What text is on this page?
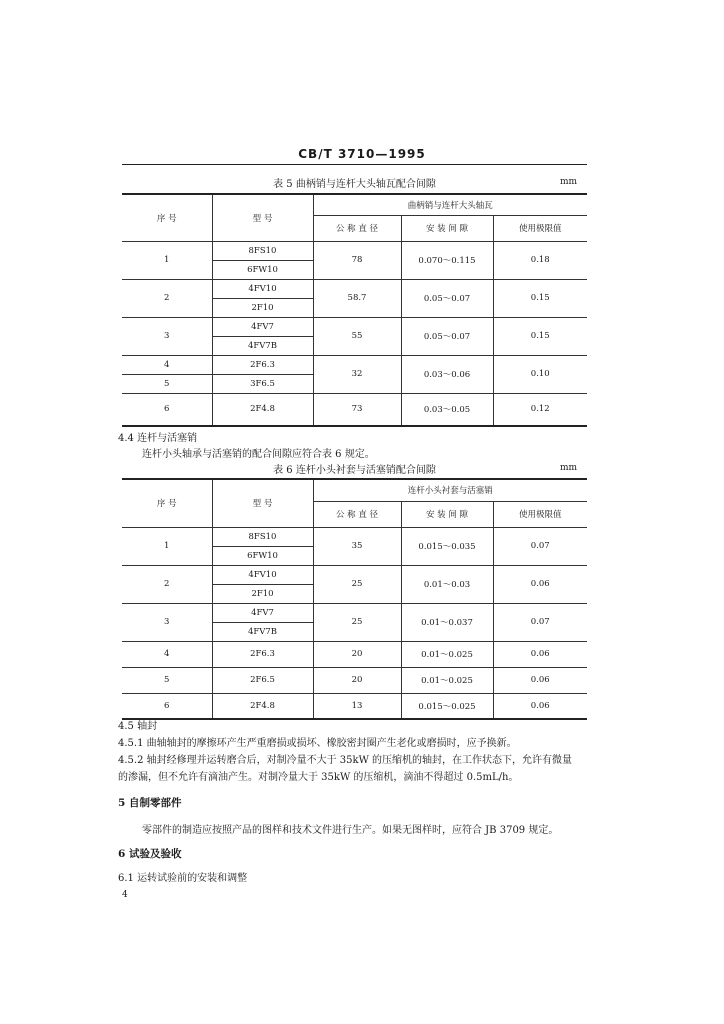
CB/T 3710—1995
表 5 曲柄销与连杆大头轴瓦配合间隙	mm
序 号	型 号	曲柄销与连杆大头轴瓦		
		公 称 直 径	安 装 间 隙	使用极限值
1	8FS10	78	0.070～0.115	0.18
	6FW10			
2	4FV10	58.7	0.05～0.07	0.15
	2F10			
3	4FV7	55	0.05～0.07	0.15
	4FV7B			
4	2F6.3	32	0.03～0.06	0.10
5	3F6.5			
6	2F4.8	73	0.03～0.05	0.12
4.4 连杆与活塞销
连杆小头轴承与活塞销的配合间隙应符合表 6 规定。
表 6 连杆小头衬套与活塞销配合间隙	mm
序 号	型 号	连杆小头衬套与活塞销		
		公 称 直 径	安 装 间 隙	使用极限值
1	8FS10	35	0.015～0.035	0.07
	6FW10			
2	4FV10	25	0.01～0.03	0.06
	2F10			
3	4FV7	25	0.01～0.037	0.07
	4FV7B			
4	2F6.3	20	0.01～0.025	0.06
5	2F6.5	20	0.01～0.025	0.06
6	2F4.8	13	0.015～0.025	0.06
4.5 轴封
4.5.1 曲轴轴封的摩擦环产生严重磨损或损坏、橡胶密封圈产生老化或磨损时，应予换新。
4.5.2 轴封经修理并运转磨合后，对制冷量不大于 35kW 的压缩机的轴封，在工作状态下，允许有微量
的渗漏，但不允许有滴油产生。对制冷量大于 35kW 的压缩机，滴油不得超过 0.5mL/h。
5 自制零部件
零部件的制造应按照产品的图样和技术文件进行生产。如果无图样时，应符合 JB 3709 规定。
6 试验及验收
6.1 运转试验前的安装和调整
4
